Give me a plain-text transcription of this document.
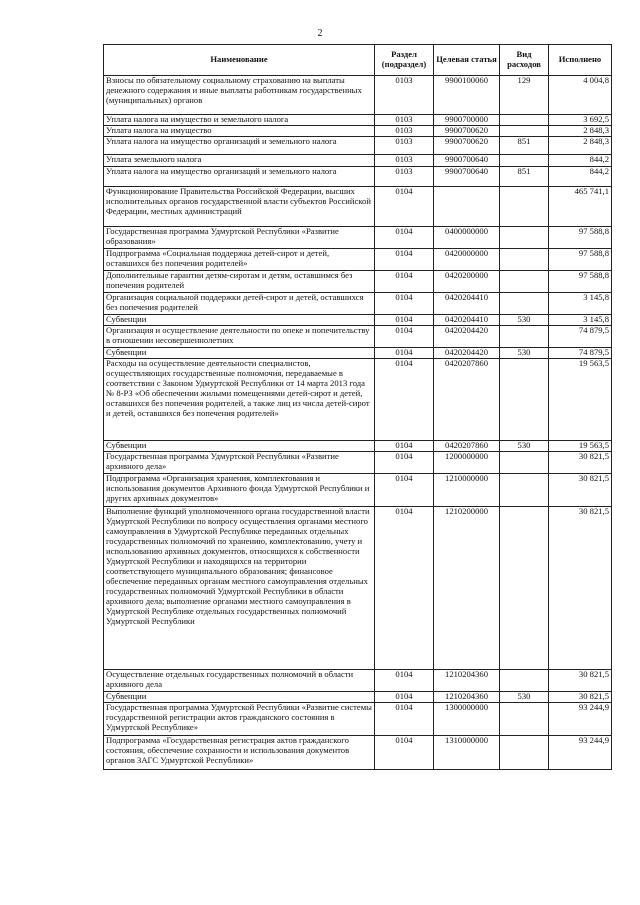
2
Наименование	Раздел (подраздел)	Целевая статья	Вид расходов	Исполнено
Взносы по обязательному социальному страхованию на выплаты денежного содержания и иные выплаты работникам государственных (муниципальных) органов	0103	9900100060	129	4 004,8
Уплата налога на имущество и земельного налога	0103	9900700000		3 692,5
Уплата налога на имущество	0103	9900700620		2 848,3
Уплата налога на имущество организаций и земельного налога	0103	9900700620	851	2 848,3
Уплата земельного налога	0103	9900700640		844,2
Уплата налога на имущество организаций и земельного налога	0103	9900700640	851	844,2
Функционирование Правительства Российской Федерации, высших исполнительных органов государственной власти субъектов Российской Федерации, местных администраций	0104			465 741,1
Государственная программа Удмуртской Республики «Развитие образования»	0104	0400000000		97 588,8
Подпрограмма «Социальная поддержка детей-сирот и детей, оставшихся без попечения родителей»	0104	0420000000		97 588,8
Дополнительные гарантии детям-сиротам и детям, оставшимся без попечения родителей	0104	0420200000		97 588,8
Организация социальной поддержки детей-сирот и детей, оставшихся без попечения родителей	0104	0420204410		3 145,8
Субвенции	0104	0420204410	530	3 145,8
Организация и осуществление деятельности по опеке и попечительству в отношении несовершеннолетних	0104	0420204420		74 879,5
Субвенции	0104	0420204420	530	74 879,5
Расходы на осуществление деятельности специалистов, осуществляющих государственные полномочия, передаваемые в соответствии с Законом Удмуртской Республики от 14 марта 2013 года № 8-РЗ «Об обеспечении жилыми помещениями детей-сирот и детей, оставшихся без попечения родителей, а также лиц из числа детей-сирот и детей, оставшихся без попечения родителей»	0104	0420207860		19 563,5
Субвенции	0104	0420207860	530	19 563,5
Государственная программа Удмуртской Республики «Развитие архивного дела»	0104	1200000000		30 821,5
Подпрограмма «Организация хранения, комплектования и использования документов Архивного фонда Удмуртской Республики и других архивных документов»	0104	1210000000		30 821,5
Выполнение функций уполномоченного органа государственной власти Удмуртской Республики по вопросу осуществления органами местного самоуправления в Удмуртской Республике переданных отдельных государственных полномочий по хранению, комплектованию, учету и использованию архивных документов, относящихся к собственности Удмуртской Республики и находящихся на территории соответствующего муниципального образования; финансовое обеспечение переданных органам местного самоуправления отдельных государственных полномочий Удмуртской Республики в области архивного дела; выполнение органами местного самоуправления в Удмуртской Республике отдельных государственных полномочий Удмуртской Республики	0104	1210200000		30 821,5
Осуществление отдельных государственных полномочий в области архивного дела	0104	1210204360		30 821,5
Субвенции	0104	1210204360	530	30 821,5
Государственная программа Удмуртской Республики «Развитие системы государственной регистрации актов гражданского состояния в Удмуртской Республике»	0104	1300000000		93 244,9
Подпрограмма «Государственная регистрация актов гражданского состояния, обеспечение сохранности и использования документов органов ЗАГС Удмуртской Республики»	0104	1310000000		93 244,9
